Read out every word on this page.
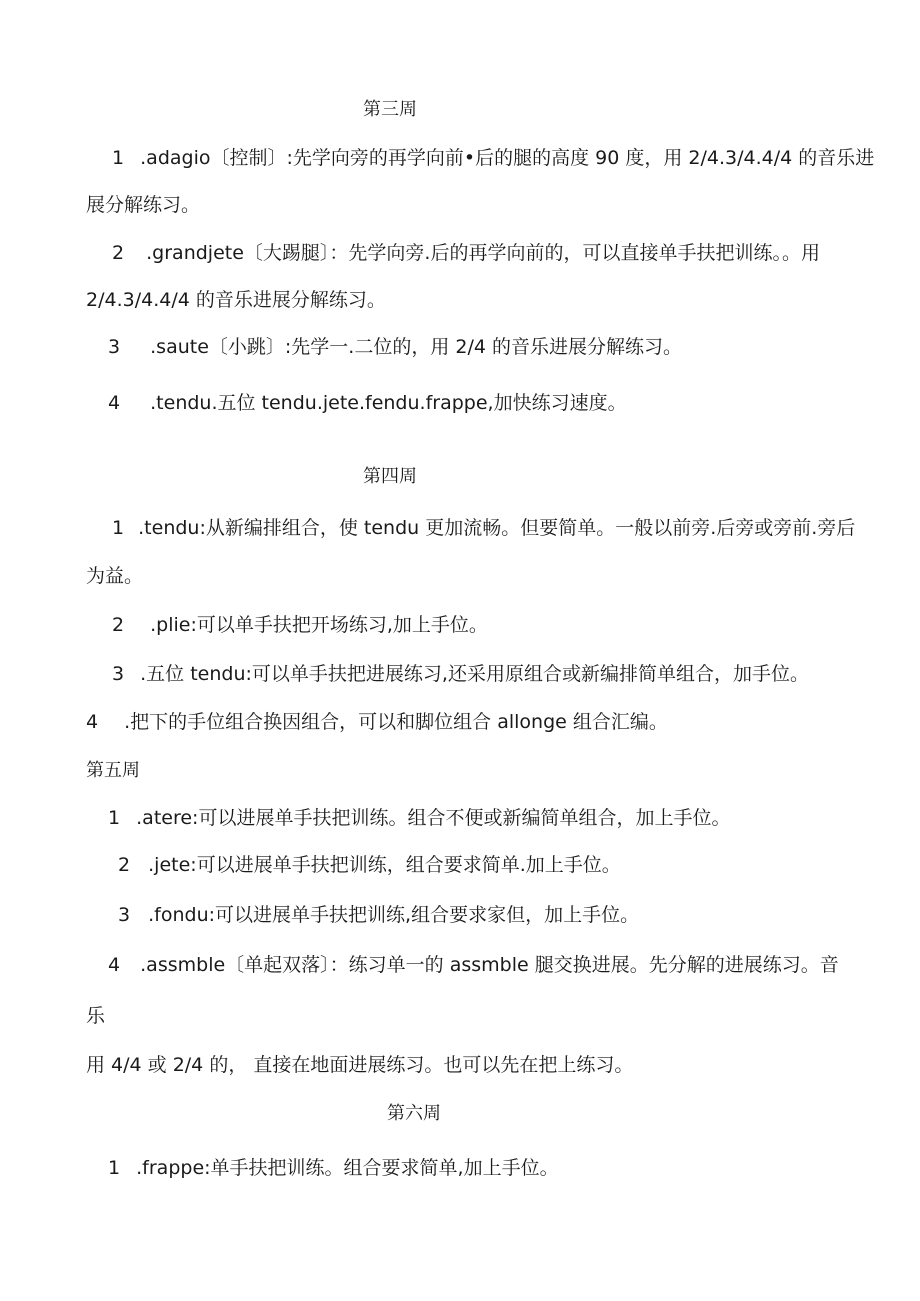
第三周
1 .adagio〔控制〕:先学向旁的再学向前•后的腿的高度 90 度，用 2/4.3/4.4/4 的音乐进
展分解练习。
2 .grandjete〔大踢腿〕：先学向旁.后的再学向前的，可以直接单手扶把训练。。用
2/4.3/4.4/4 的音乐进展分解练习。
3 .saute〔小跳〕:先学一.二位的，用 2/4 的音乐进展分解练习。
4 .tendu.五位 tendu.jete.fendu.frappe,加快练习速度。
第四周
1 .tendu:从新编排组合，使 tendu 更加流畅。但要简单。一般以前旁.后旁或旁前.旁后
为益。
2 .plie:可以单手扶把开场练习,加上手位。
3 .五位 tendu:可以单手扶把进展练习,还采用原组合或新编排简单组合，加手位。
4 .把下的手位组合换因组合，可以和脚位组合 allonge 组合汇编。
第五周
1 .atere:可以进展单手扶把训练。组合不便或新编简单组合，加上手位。
2 .jete:可以进展单手扶把训练，组合要求简单.加上手位。
3 .fondu:可以进展单手扶把训练,组合要求家但，加上手位。
4 .assmble〔单起双落〕：练习单一的 assmble 腿交换进展。先分解的进展练习。音
乐
用 4/4 或 2/4 的， 直接在地面进展练习。也可以先在把上练习。
第六周
1 .frappe:单手扶把训练。组合要求简单,加上手位。
